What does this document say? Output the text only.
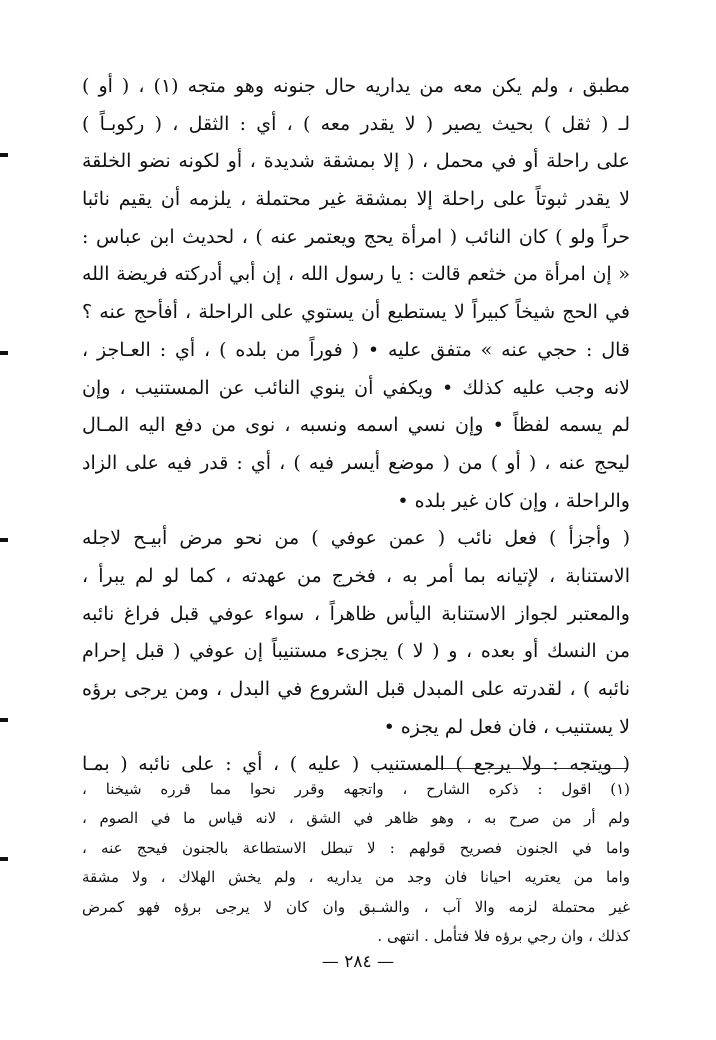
مطبق ، ولم يكن معه من يداريه حال جنونه وهو متجه (١) ، ( أو )
لـ ( ثقل ) بحيث يصير ( لا يقدر معه ) ، أي : الثقل ، ( ركوبـاً )
على راحلة أو في محمل ، ( إلا بمشقة شديدة ، أو لكونه نضو الخلقة
لا يقدر ثبوتاً على راحلة إلا بمشقة غير محتملة ، يلزمه أن يقيم نائبا
حراً ولو ) كان النائب ( امرأة يحج ويعتمر عنه ) ، لحديث ابن عباس :
« إن امرأة من خثعم قالت : يا رسول الله ، إن أبي أدركته فريضة الله
في الحج شيخاً كبيراً لا يستطيع أن يستوي على الراحلة ، أفأحج عنه ؟
قال : حجي عنه » متفق عليه • ( فوراً من بلده ) ، أي : العـاجز ،
لانه وجب عليه كذلك • ويكفي أن ينوي النائب عن المستنيب ، وإن
لم يسمه لفظاً • وإن نسي اسمه ونسبه ، نوى من دفع اليه المـال
ليحج عنه ، ( أو ) من ( موضع أيسر فيه ) ، أي : قدر فيه على الزاد
والراحلة ، وإن كان غير بلده •
( وأجزأ ) فعل نائب ( عمن عوفي ) من نحو مرض أبيـح لاجله
الاستنابة ، لإتيانه بما أمر به ، فخرج من عهدته ، كما لو لم يبرأ ،
والمعتبر لجواز الاستنابة اليأس ظاهراً ، سواء عوفي قبل فراغ نائبه
من النسك أو بعده ، و ( لا ) يجزىء مستنيباً إن عوفي ( قبل إحرام
نائبه ) ، لقدرته على المبدل قبل الشروع في البدل ، ومن يرجى برؤه
لا يستنيب ، فان فعل لم يجزه •
( ويتجه : ولا يرجع ) المستنيب ( عليه ) ، أي : على نائبه ( بمـا
(١) اقول : ذكره الشارح ، واتجهه وقرر نحوا مما قرره شيخنا ،
ولم أر من صرح به ، وهو ظاهر في الشق ، لانه قياس ما في الصوم ،
واما في الجنون فصريح قولهم : لا تبطل الاستطاعة بالجنون فيحج عنه ،
واما من يعتريه احيانا فان وجد من يداريه ، ولم يخش الهلاك ، ولا مشقة
غير محتملة لزمه والا آب ، والشـبق وان كان لا يرجى برؤه فهو كمرض
كذلك ، وان رجي برؤه فلا فتأمل . انتهى .
— ٢٨٤ —
